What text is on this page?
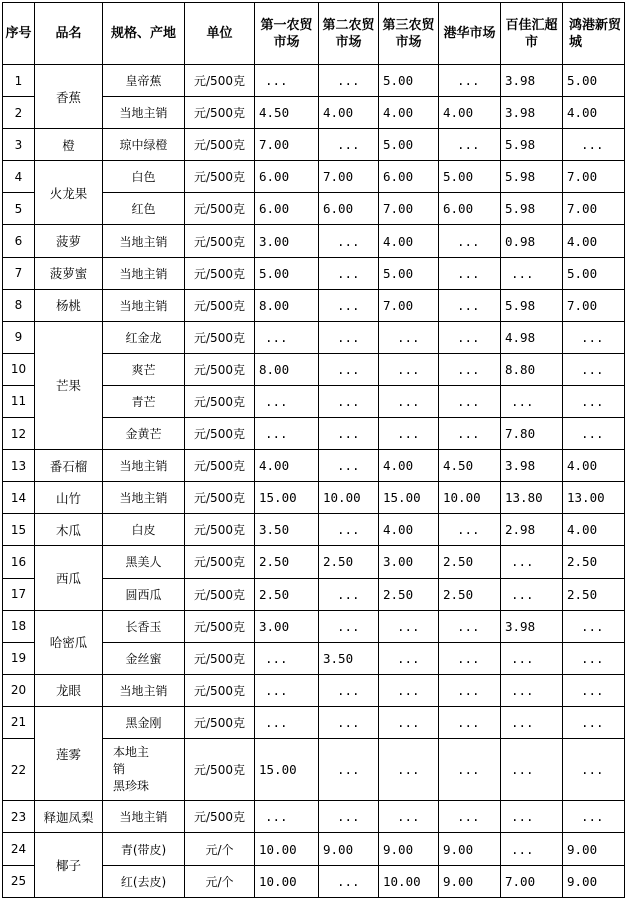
序号	品名	规格、产地	单位	第一农贸市场	第二农贸市场	第三农贸市场	港华市场	百佳汇超市	鸿港新贸城
1	香蕉	皇帝蕉	元/500克	...	...	5.00	...	3.98	5.00
2		当地主销	元/500克	4.50	4.00	4.00	4.00	3.98	4.00
3	橙	琼中绿橙	元/500克	7.00	...	5.00	...	5.98	...
4	火龙果	白色	元/500克	6.00	7.00	6.00	5.00	5.98	7.00
5		红色	元/500克	6.00	6.00	7.00	6.00	5.98	7.00
6	菠萝	当地主销	元/500克	3.00	...	4.00	...	0.98	4.00
7	菠萝蜜	当地主销	元/500克	5.00	...	5.00	...	...	5.00
8	杨桃	当地主销	元/500克	8.00	...	7.00	...	5.98	7.00
9	芒果	红金龙	元/500克	...	...	...	...	4.98	...
10		爽芒	元/500克	8.00	...	...	...	8.80	...
11		青芒	元/500克	...	...	...	...	...	...
12		金黄芒	元/500克	...	...	...	...	7.80	...
13	番石榴	当地主销	元/500克	4.00	...	4.00	4.50	3.98	4.00
14	山竹	当地主销	元/500克	15.00	10.00	15.00	10.00	13.80	13.00
15	木瓜	白皮	元/500克	3.50	...	4.00	...	2.98	4.00
16	西瓜	黑美人	元/500克	2.50	2.50	3.00	2.50	...	2.50
17		圆西瓜	元/500克	2.50	...	2.50	2.50	...	2.50
18	哈密瓜	长香玉	元/500克	3.00	...	...	...	3.98	...
19		金丝蜜	元/500克	...	3.50	...	...	...	...
20	龙眼	当地主销	元/500克	...	...	...	...	...	...
21	莲雾	黑金刚	元/500克	...	...	...	...	...	...
22		本地主
销
黑珍珠	元/500克	15.00	...	...	...	...	...
23	释迦凤梨	当地主销	元/500克	...	...	...	...	...	...
24	椰子	青(带皮)	元/个	10.00	9.00	9.00	9.00	...	9.00
25		红(去皮)	元/个	10.00	...	10.00	9.00	7.00	9.00
